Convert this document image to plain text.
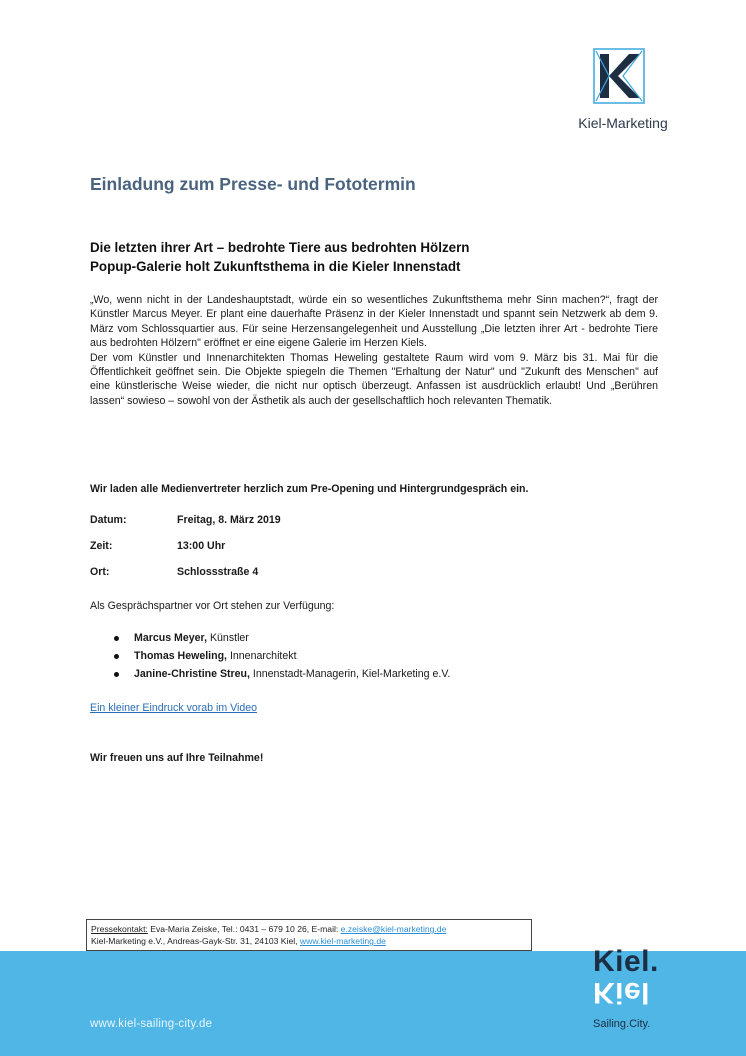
Kiel-Marketing
Einladung zum Presse- und Fototermin
Die letzten ihrer Art – bedrohte Tiere aus bedrohten Hölzern
Popup-Galerie holt Zukunftsthema in die Kieler Innenstadt

„Wo, wenn nicht in der Landeshauptstadt, würde ein so wesentliches Zukunftsthema mehr Sinn machen?“, fragt der Künstler Marcus Meyer. Er plant eine dauerhafte Präsenz in der Kieler Innenstadt und spannt sein Netzwerk ab dem 9. März vom Schlossquartier aus. Für seine Herzensangelegenheit und Ausstellung „Die letzten ihrer Art - bedrohte Tiere aus bedrohten Hölzern" eröffnet er eine eigene Galerie im Herzen Kiels.

Der vom Künstler und Innenarchitekten Thomas Heweling gestaltete Raum wird vom 9. März bis 31. Mai für die Öffentlichkeit geöffnet sein. Die Objekte spiegeln die Themen "Erhaltung der Natur" und "Zukunft des Menschen" auf eine künstlerische Weise wieder, die nicht nur optisch überzeugt. Anfassen ist ausdrücklich erlaubt! Und „Berühren lassen“ sowieso – sowohl von der Ästhetik als auch der gesellschaftlich hoch relevanten Thematik.

Wir laden alle Medienvertreter herzlich zum Pre-Opening und Hintergrundgespräch ein.
Datum:	Freitag, 8. März 2019
Zeit:	13:00 Uhr
Ort:	Schlossstraße 4
Als Gesprächspartner vor Ort stehen zur Verfügung:
Marcus Meyer, Künstler
Thomas Heweling, Innenarchitekt
Janine-Christine Streu, Innenstadt-Managerin, Kiel-Marketing e.V.
Ein kleiner Eindruck vorab im Video
Wir freuen uns auf Ihre Teilnahme!
Pressekontakt: Eva-Maria Zeiske, Tel.: 0431 – 679 10 26, E-mail: e.zeiske@kiel-marketing.de
Kiel-Marketing e.V., Andreas-Gayk-Str. 31, 24103 Kiel, www.kiel-marketing.de
www.kiel-sailing-city.de
Kiel.
Kiel
Sailing.City.
